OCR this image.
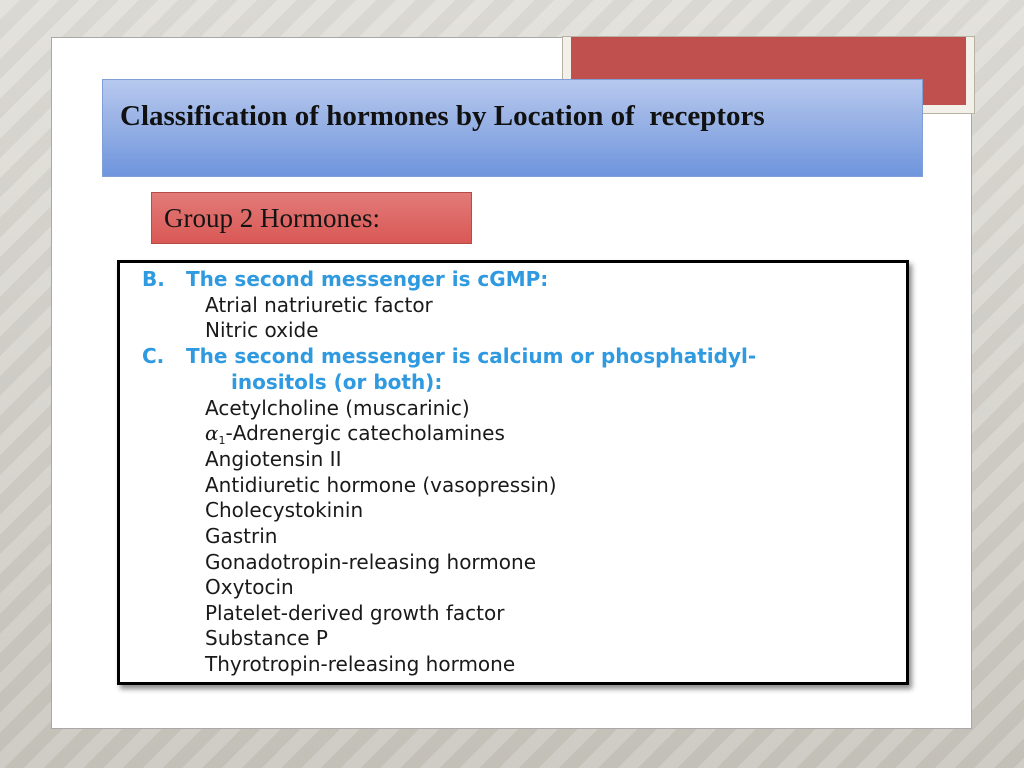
Classification of hormones by Location of  receptors
Group 2 Hormones:
B. The second messenger is cGMP:
Atrial natriuretic factor
Nitric oxide
C. The second messenger is calcium or phosphatidyl-
inositols (or both):
Acetylcholine (muscarinic)
$\alpha_1$-Adrenergic catecholamines
Angiotensin II
Antidiuretic hormone (vasopressin)
Cholecystokinin
Gastrin
Gonadotropin-releasing hormone
Oxytocin
Platelet-derived growth factor
Substance P
Thyrotropin-releasing hormone
